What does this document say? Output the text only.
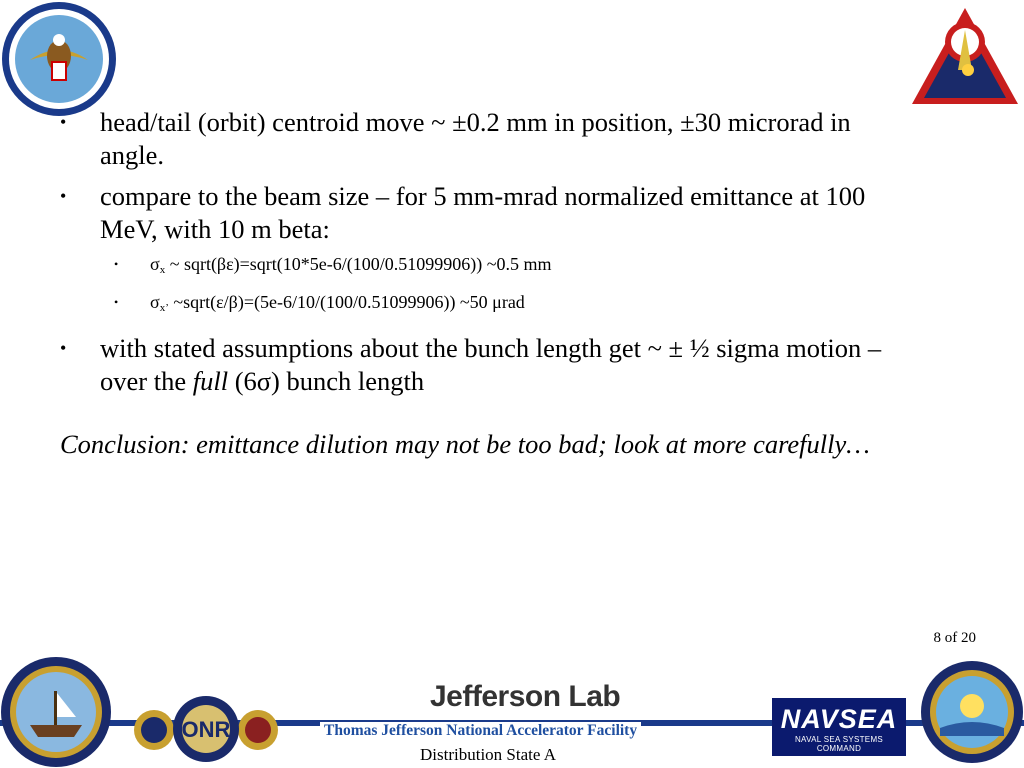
• head/tail (orbit) centroid move ~ ±0.2 mm in position, ±30 microrad in angle.
• compare to the beam size – for 5 mm-mrad normalized emittance at 100 MeV, with 10 m beta:
• $\sigma_x$ ~ sqrt(βε)=sqrt(10*5e-6/(100/0.51099906)) ~0.5 mm
• $\sigma_{x’}$ ~sqrt(ε/β)=(5e-6/10/(100/0.51099906)) ~50 μrad
• with stated assumptions about the bunch length get ~ ± ½ sigma motion – over the full (6σ) bunch length
Conclusion: emittance dilution may not be too bad; look at more carefully…
8 of 20
ONR
Jefferson Lab
Thomas Jefferson National Accelerator Facility
Distribution State A
NAVSEA
NAVAL SEA SYSTEMS COMMAND
